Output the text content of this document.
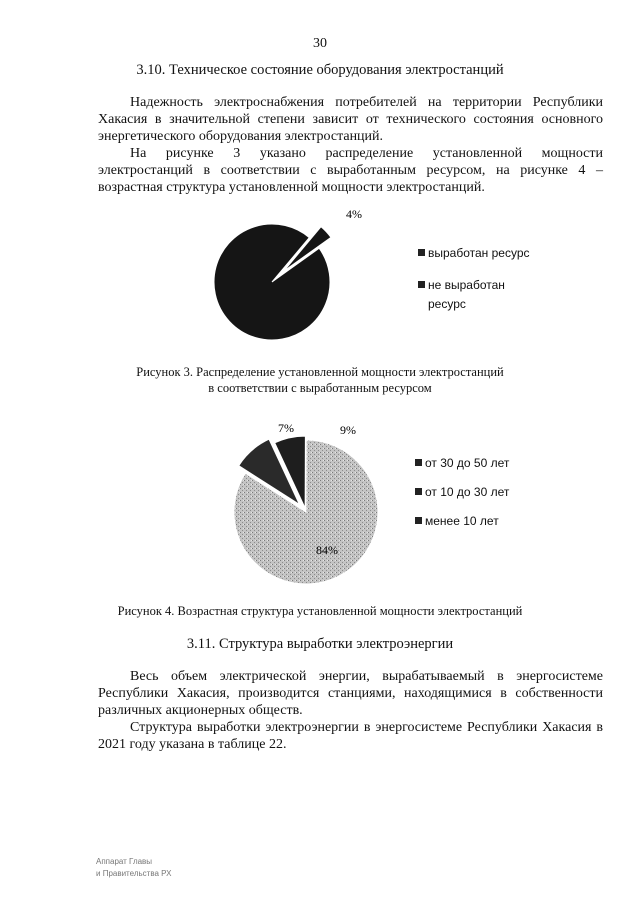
30
3.10. Техническое состояние оборудования электростанций

Надежность электроснабжения потребителей на территории Республики Хакасия в значительной степени зависит от технического состояния основного энергетического оборудования электростанций.

На рисунке 3 указано распределение установленной мощности электростанций в соответствии с выработанным ресурсом, на рисунке 4 – возрастная структура установленной мощности электростанций.

4%
выработан ресурс
не выработан
ресурс
Рисунок 3. Распределение установленной мощности электростанций
в соответствии с выработанным ресурсом
7%	9%
84%
от 30 до 50 лет
от 10 до 30 лет
менее 10 лет
Рисунок 4. Возрастная структура установленной мощности электростанций
3.11. Структура выработки электроэнергии

Весь объем электрической энергии, вырабатываемый в энергосистеме Республики Хакасия, производится станциями, находящимися в собственности различных акционерных обществ.

Структура выработки электроэнергии в энергосистеме Республики Хакасия в 2021 году указана в таблице 22.

Аппарат Главы
и Правительства РХ
